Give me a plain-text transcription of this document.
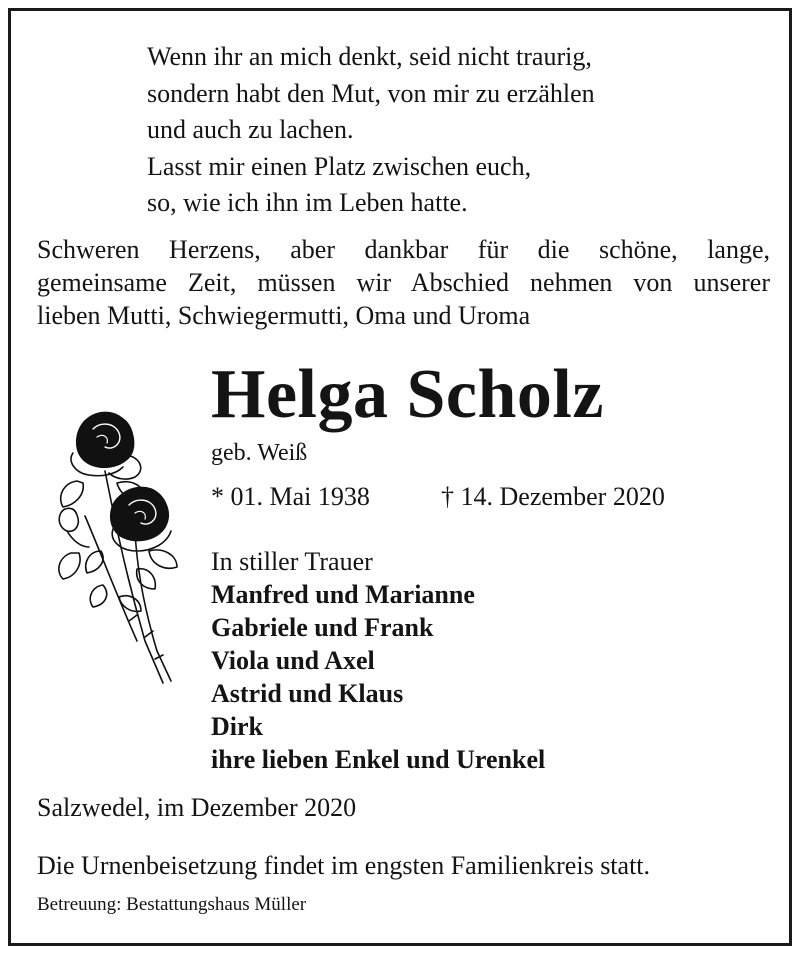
Wenn ihr an mich denkt, seid nicht traurig,
sondern habt den Mut, von mir zu erzählen
und auch zu lachen.
Lasst mir einen Platz zwischen euch,
so, wie ich ihn im Leben hatte.
Schweren Herzens, aber dankbar für die schöne, lange,
gemeinsame Zeit, müssen wir Abschied nehmen von unserer
lieben Mutti, Schwiegermutti, Oma und Uroma
Helga Scholz
geb. Weiß
* 01. Mai 1938	† 14. Dezember 2020
In stiller Trauer
Manfred und Marianne
Gabriele und Frank
Viola und Axel
Astrid und Klaus
Dirk
ihre lieben Enkel und Urenkel
Salzwedel, im Dezember 2020
Die Urnenbeisetzung findet im engsten Familienkreis statt.
Betreuung: Bestattungshaus Müller
